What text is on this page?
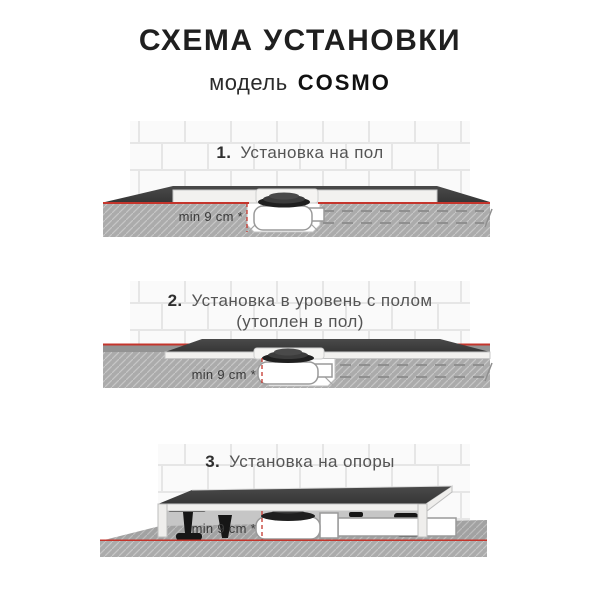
СХЕМА УСТАНОВКИ
модель COSMO
min 9 cm *
1. Установка на пол
min 9 cm *
2. Установка в уровень с полом
(утоплен в пол)
min 9 cm *
3. Установка на опоры
